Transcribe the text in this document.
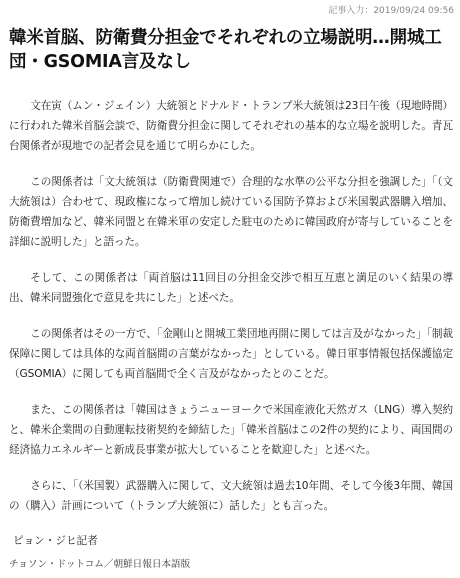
記事入力：2019/09/24 09:56
韓米首脳、防衛費分担金でそれぞれの立場説明…開城工団・GSOMIA言及なし

文在寅（ムン・ジェイン）大統領とドナルド・トランプ米大統領は23日午後（現地時間）に行われた韓米首脳会談で、防衛費分担金に関してそれぞれの基本的な立場を説明した。青瓦台関係者が現地での記者会見を通じて明らかにした。

この関係者は「文大統領は（防衛費関連で）合理的な水準の公平な分担を強調した」「（文大統領は）合わせて、現政権になって増加し続けている国防予算および米国製武器購入増加、防衛費増加など、韓米同盟と在韓米軍の安定した駐屯のために韓国政府が寄与していることを詳細に説明した」と語った。

そして、この関係者は「両首脳は11回目の分担金交渉で相互互恵と満足のいく結果の導出、韓米同盟強化で意見を共にした」と述べた。

この関係者はその一方で、「金剛山と開城工業団地再開に関しては言及がなかった」「制裁保障に関しては具体的な両首脳間の言葉がなかった」としている。韓日軍事情報包括保護協定（GSOMIA）に関しても両首脳間で全く言及がなかったとのことだ。

また、この関係者は「韓国はきょうニューヨークで米国産液化天然ガス（LNG）導入契約と、韓米企業間の自動運転技術契約を締結した」「韓米首脳はこの2件の契約により、両国間の経済協力エネルギーと新成長事業が拡大していることを歓迎した」と述べた。

さらに、「（米国製）武器購入に関して、文大統領は過去10年間、そして今後3年間、韓国の（購入）計画について（トランプ大統領に）話した」とも言った。

ピョン・ジヒ記者
チョソン・ドットコム／朝鮮日報日本語版
